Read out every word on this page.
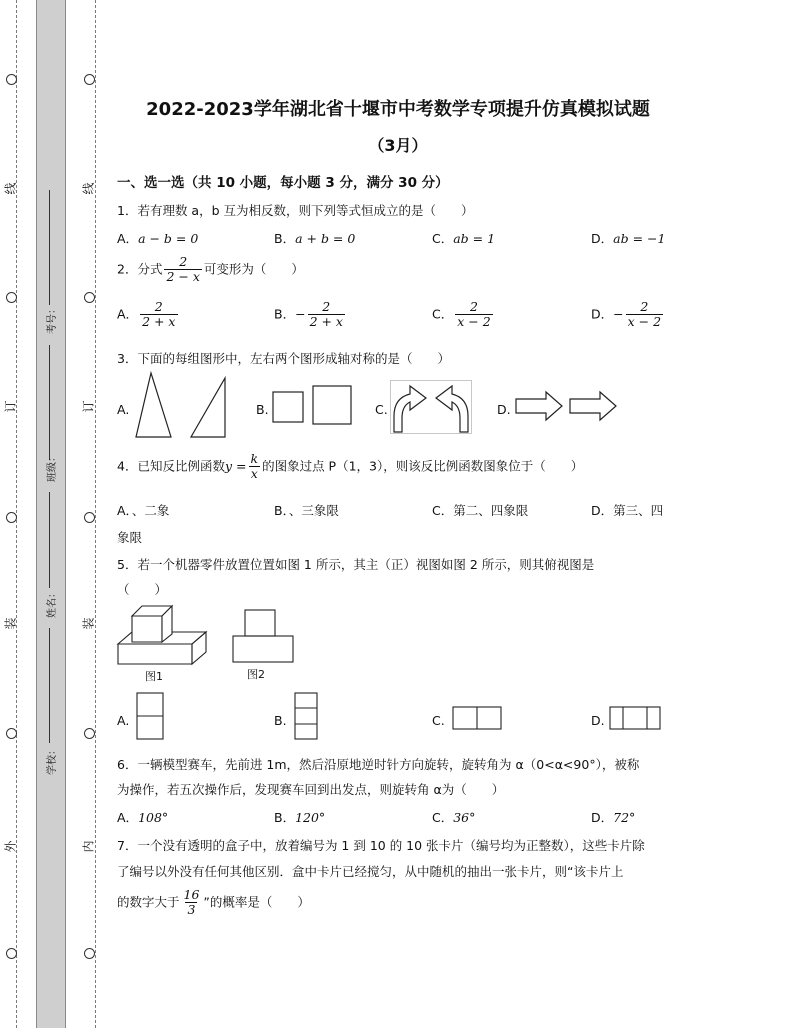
线
订
装
外
线
订
装
内
考号：
班级：
姓名：
学校：
2022-2023学年湖北省十堰市中考数学专项提升仿真模拟试题
（3月）
一、选一选（共 10 小题，每小题 3 分，满分 30 分）
1．若有理数 a，b 互为相反数，则下列等式恒成立的是（　　）
A．a − b = 0	B．a + b = 0	C．ab = 1	D．ab = −1
2．分式 $\frac{2}{2 - x}$ 可变形为（　　）
A． $\frac{2}{2 + x}$	B．− $\frac{2}{2 + x}$	C． $\frac{2}{x - 2}$	D．− $\frac{2}{x - 2}$
3．下面的每组图形中，左右两个图形成轴对称的是（　　）
A.	B.	C.	D.
4．已知反比例函数$y = \frac{k}{x}$ 的图象过点 P（1，3），则该反比例函数图象位于（　　）
A．、二象	B．、三象限	C．第二、四象限	D．第三、四
象限
5．若一个机器零件放置位置如图 1 所示，其主（正）视图如图 2 所示，则其俯视图是
（　　）
图1	图2
A.	B.	C.	D.
6．一辆模型赛车，先前进 1m，然后沿原地逆时针方向旋转，旋转角为 α（0<α<90°），被称
为操作，若五次操作后，发现赛车回到出发点，则旋转角 α为（　　）
A．108°	B．120°	C．36°	D．72°
7．一个没有透明的盒子中，放着编号为 1 到 10 的 10 张卡片（编号均为正整数），这些卡片除
了编号以外没有任何其他区别．盒中卡片已经搅匀，从中随机的抽出一张卡片，则“该卡片上
的数字大于 $\frac{16}{3}$ ”的概率是（　　）
